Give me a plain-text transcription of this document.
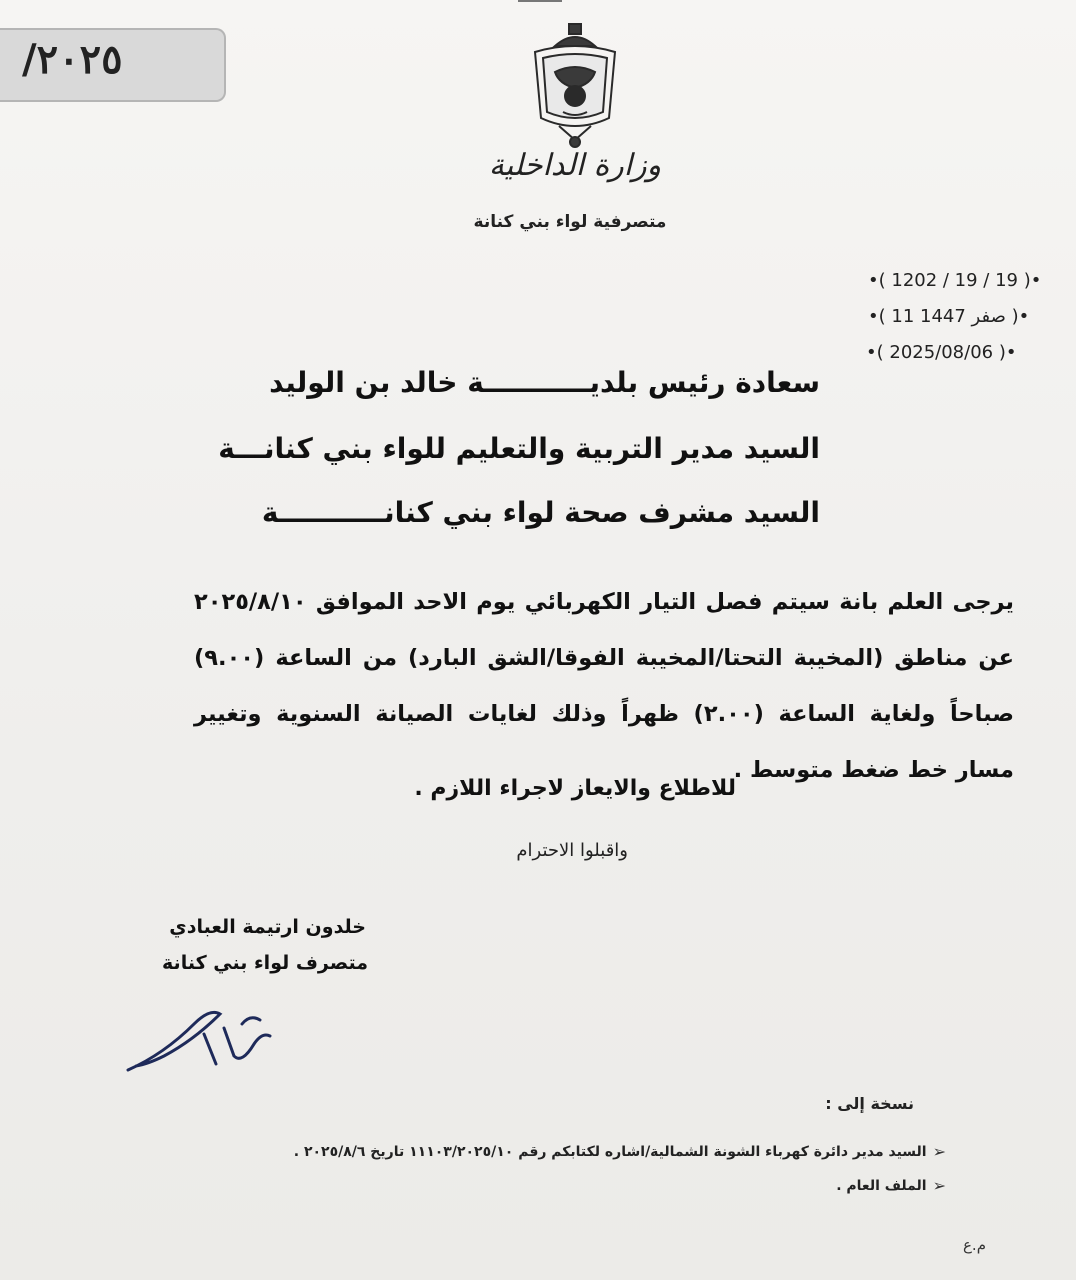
/٢٠٢٥
وزارة الداخلية
متصرفية لواء بني كنانة
•( 1202 / 19 / 19 )•
•( 11 صفر 1447 )•
•( 2025/08/06 )•
سعادة رئيس بلديـــــــــــة خالد بن الوليد
السيد مدير التربية والتعليم للواء بني كنانـــة
السيد مشرف صحة لواء بني كنانـــــــــــة
يرجى العلم بانة سيتم فصل التيار الكهربائي يوم الاحد الموافق ٢٠٢٥/٨/١٠ عن مناطق (المخيبة التحتا/المخيبة الفوقا/الشق البارد) من الساعة (٩.٠٠) صباحاً ولغاية الساعة (٢.٠٠) ظهراً وذلك لغايات الصيانة السنوية وتغيير مسار خط ضغط متوسط .
للاطلاع والايعاز لاجراء اللازم .
واقبلوا الاحترام
خلدون ارتيمة العبادي
متصرف لواء بني كنانة
نسخة إلى :
➢
السيد مدير دائرة كهرباء الشونة الشمالية/اشاره لكتابكم رقم ١١١٠٣/٢٠٢٥/١٠ تاريخ ٢٠٢٥/٨/٦ .
➢
الملف العام .
م.ع
